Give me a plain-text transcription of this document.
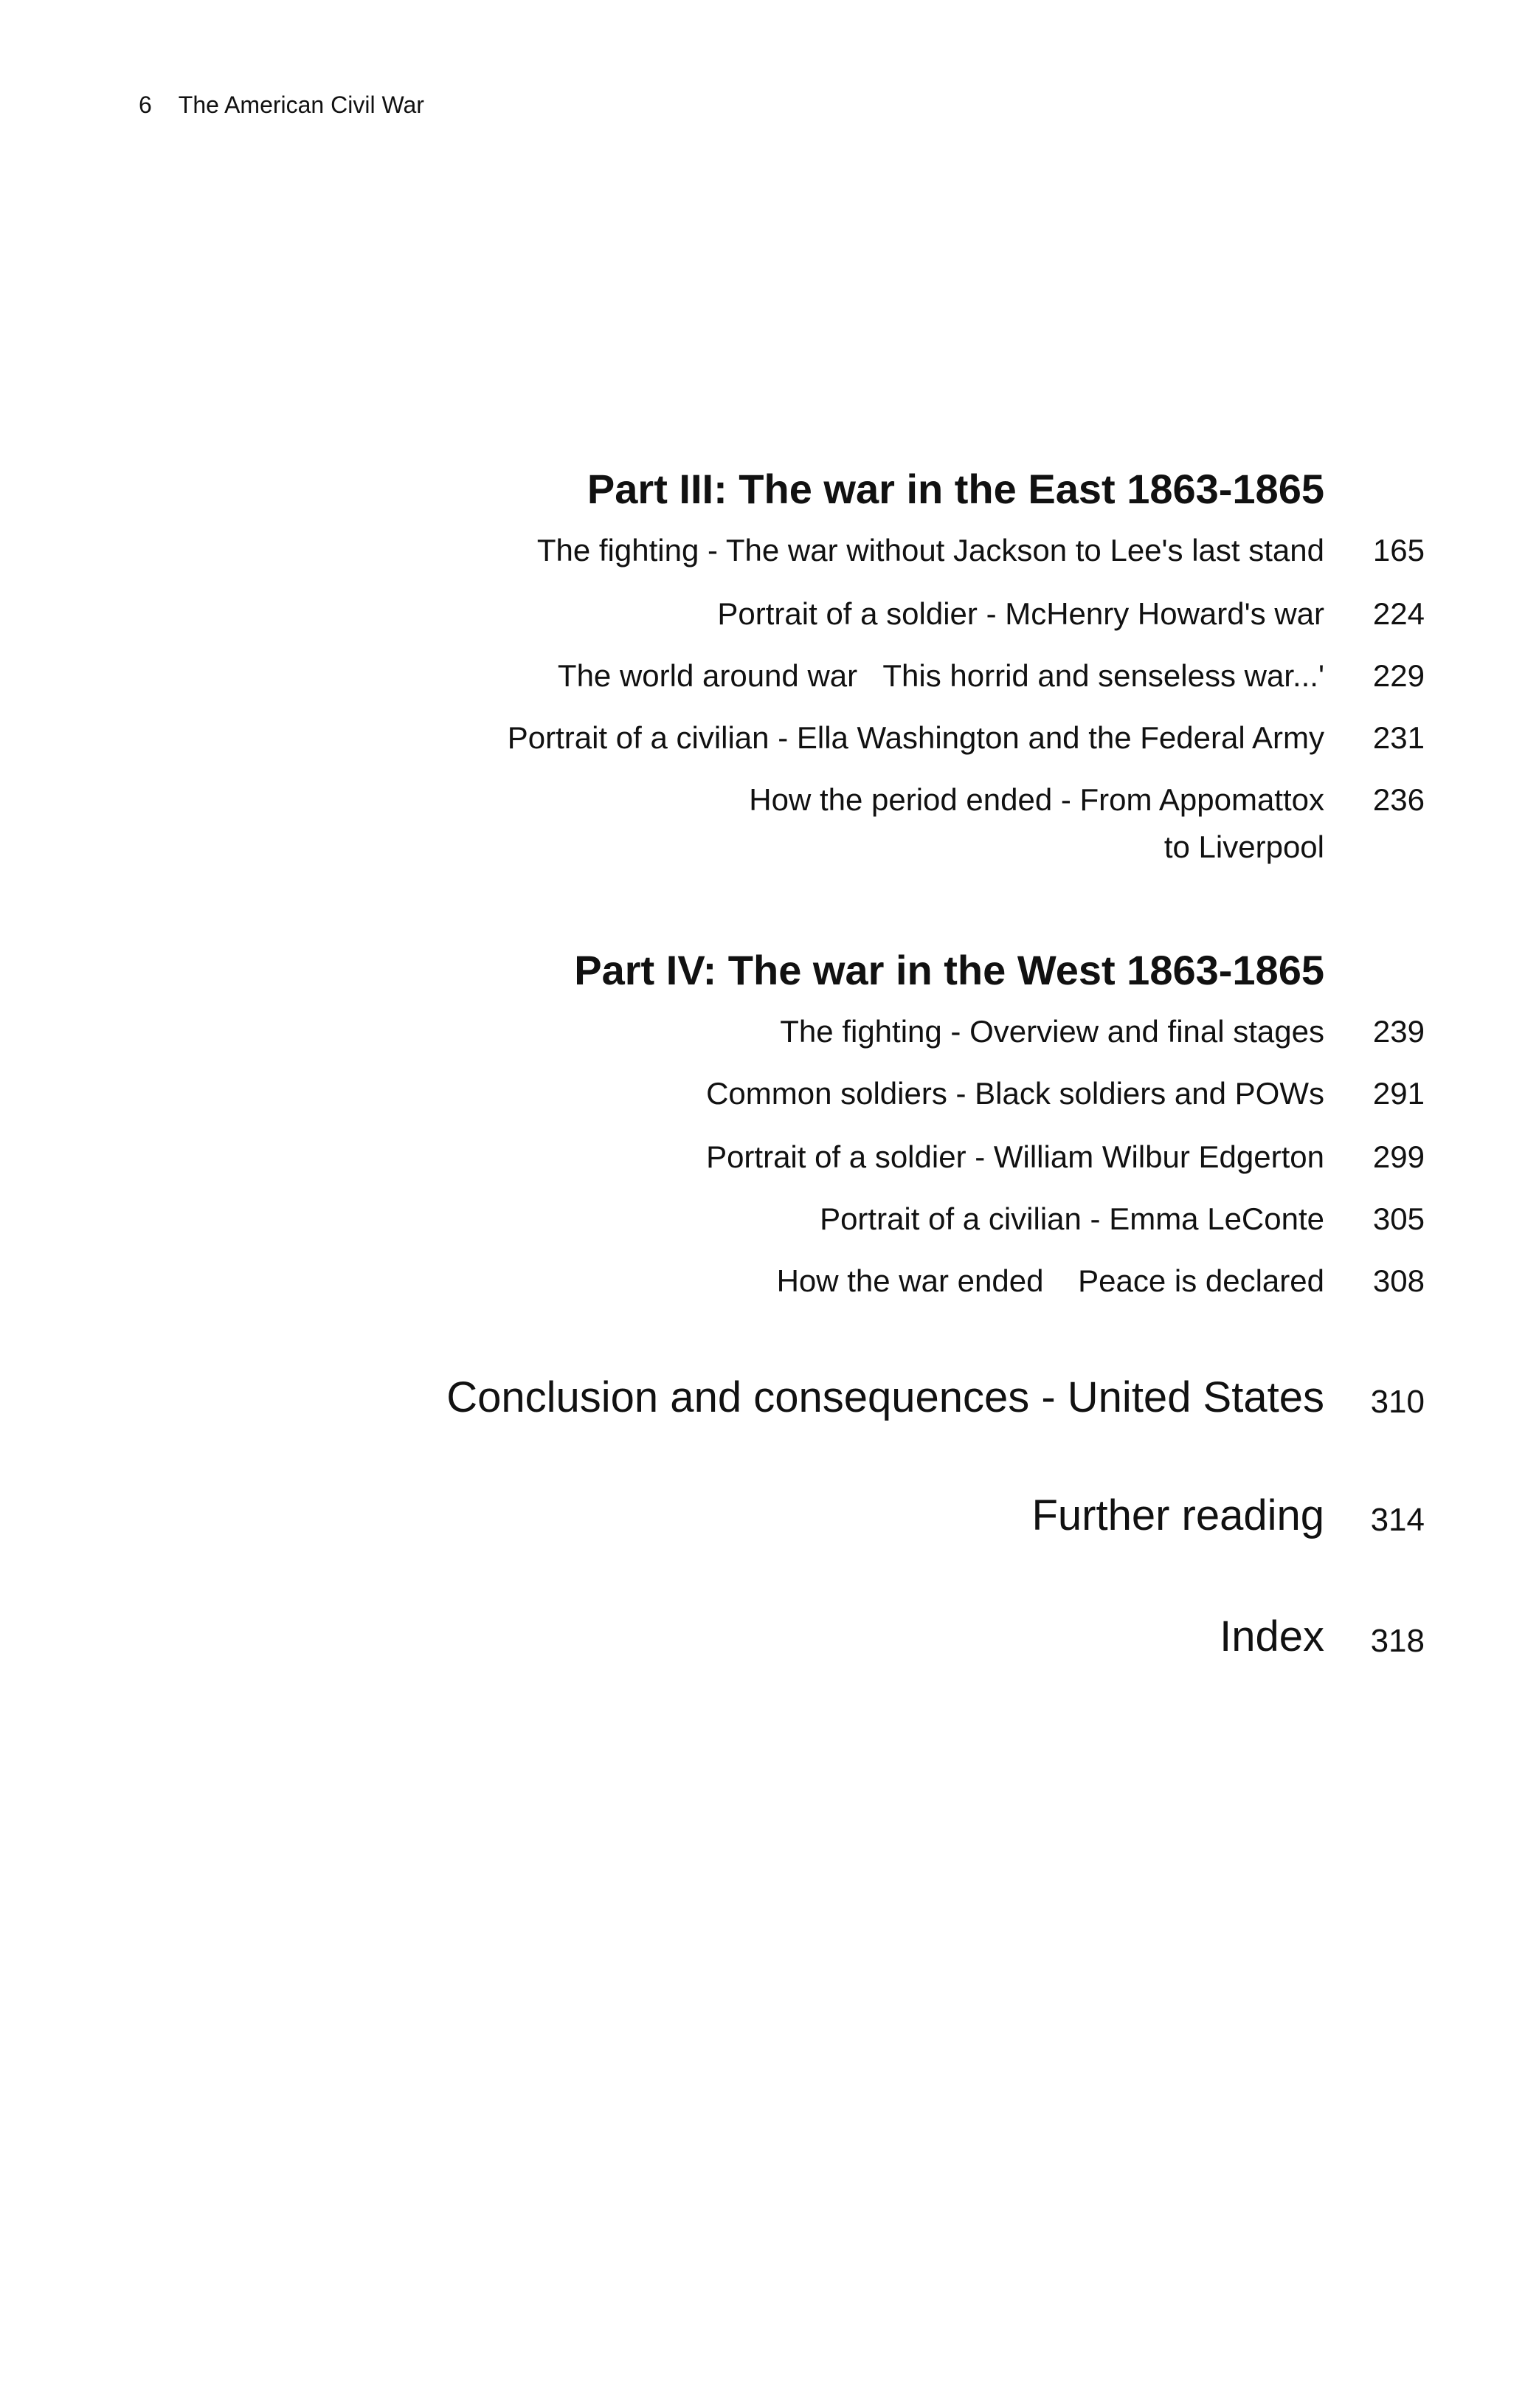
6 The American Civil War
Part III: The war in the East 1863-1865
The fighting - The war without Jackson to Lee's last stand 165
Portrait of a soldier - McHenry Howard's war 224
The world around war   This horrid and senseless war...' 229
Portrait of a civilian - Ella Washington and the Federal Army 231
How the period ended - From Appomattox
to Liverpool
236
Part IV: The war in the West 1863-1865
The fighting - Overview and final stages 239
Common soldiers - Black soldiers and POWs 291
Portrait of a soldier - William Wilbur Edgerton 299
Portrait of a civilian - Emma LeConte 305
How the war ended    Peace is declared 308
Conclusion and consequences - United States 310
Further reading 314
Index 318
